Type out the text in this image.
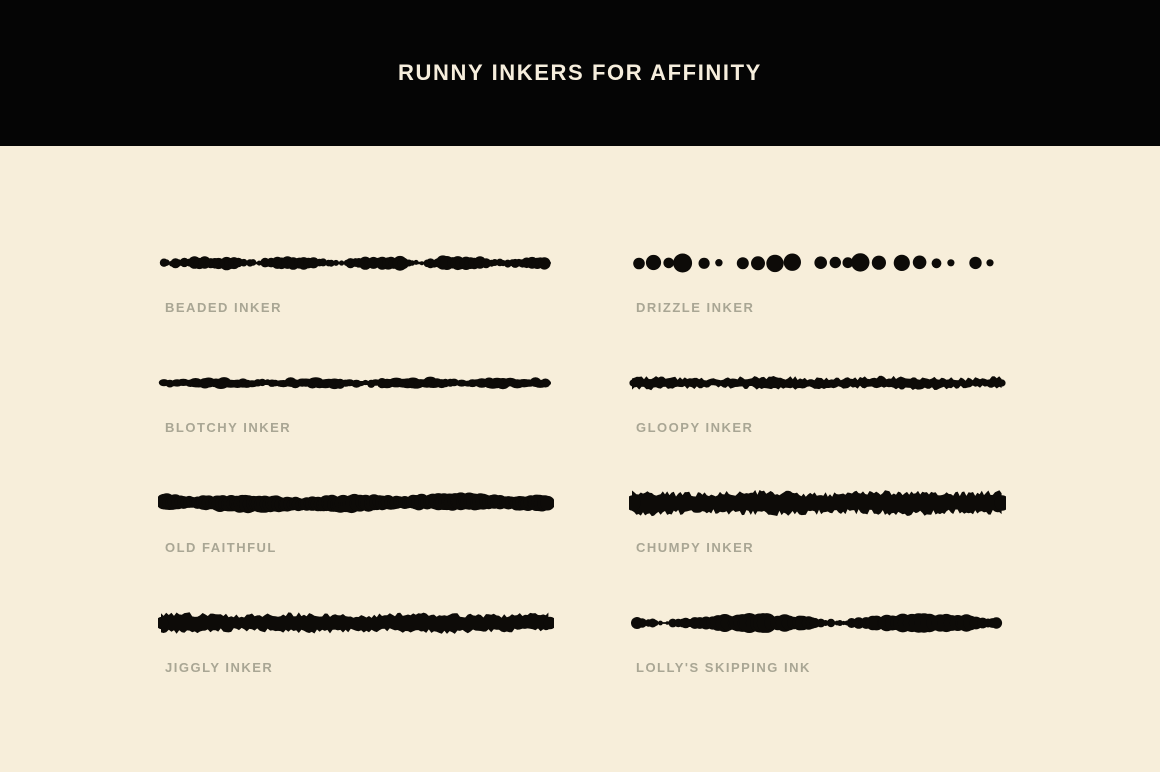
RUNNY INKERS FOR AFFINITY
BEADED INKER	DRIZZLE INKER
BLOTCHY INKER	GLOOPY INKER
OLD FAITHFUL	CHUMPY INKER
JIGGLY INKER	LOLLY'S SKIPPING INK
